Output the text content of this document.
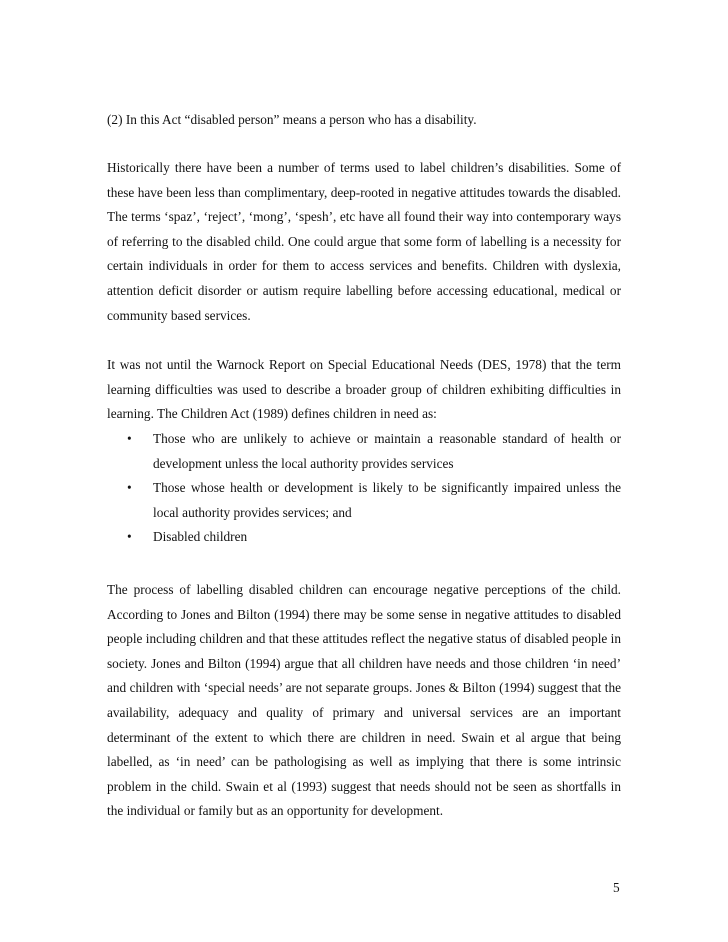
(2) In this Act “disabled person” means a person who has a disability.

Historically there have been a number of terms used to label children’s disabilities. Some of these have been less than complimentary, deep-rooted in negative attitudes towards the disabled. The terms ‘spaz’, ‘reject’, ‘mong’, ‘spesh’, etc have all found their way into contemporary ways of referring to the disabled child. One could argue that some form of labelling is a necessity for certain individuals in order for them to access services and benefits. Children with dyslexia, attention deficit disorder or autism require labelling before accessing educational, medical or community based services.

It was not until the Warnock Report on Special Educational Needs (DES, 1978) that the term learning difficulties was used to describe a broader group of children exhibiting difficulties in learning. The Children Act (1989) defines children in need as:

• Those who are unlikely to achieve or maintain a reasonable standard of health or development unless the local authority provides services
• Those whose health or development is likely to be significantly impaired unless the local authority provides services; and
• Disabled children

The process of labelling disabled children can encourage negative perceptions of the child. According to Jones and Bilton (1994) there may be some sense in negative attitudes to disabled people including children and that these attitudes reflect the negative status of disabled people in society. Jones and Bilton (1994) argue that all children have needs and those children ‘in need’ and children with ‘special needs’ are not separate groups. Jones & Bilton (1994) suggest that the availability, adequacy and quality of primary and universal services are an important determinant of the extent to which there are children in need. Swain et al argue that being labelled, as ‘in need’ can be pathologising as well as implying that there is some intrinsic problem in the child. Swain et al (1993) suggest that needs should not be seen as shortfalls in the individual or family but as an opportunity for development.

5
